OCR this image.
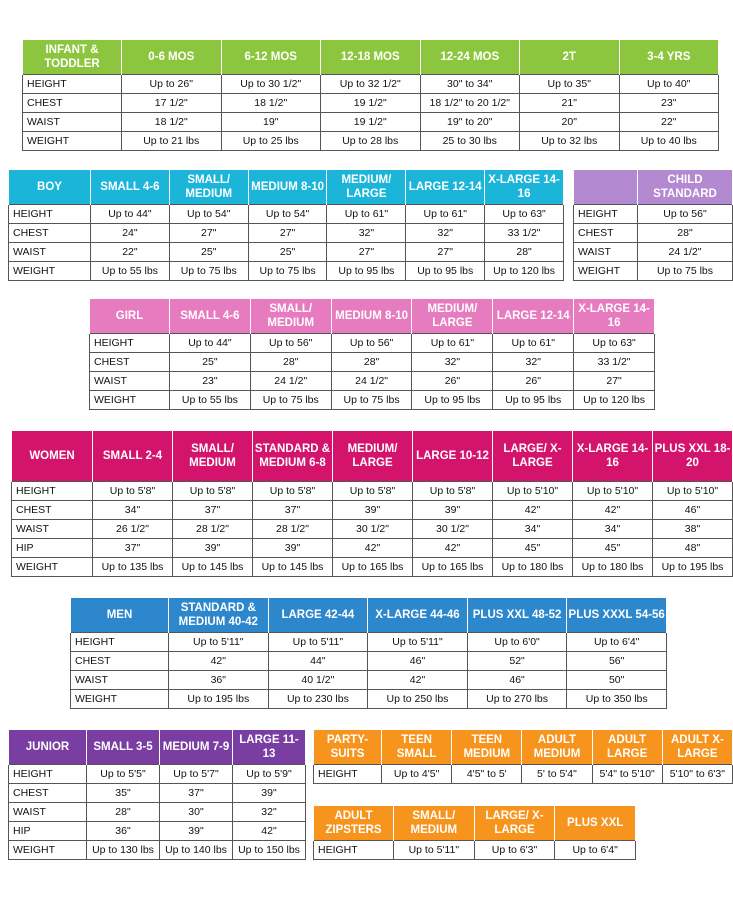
INFANT & TODDLER	0-6 MOS	6-12 MOS	12-18 MOS	12-24 MOS	2T	3-4 YRS
HEIGHT	Up to 26"	Up to 30 1/2"	Up to 32 1/2"	30" to 34"	Up to 35"	Up to 40"
CHEST	17 1/2"	18 1/2"	19 1/2"	18 1/2" to 20 1/2"	21"	23"
WAIST	18 1/2"	19"	19 1/2"	19" to 20"	20"	22"
WEIGHT	Up to 21 lbs	Up to 25 lbs	Up to 28 lbs	25 to 30 lbs	Up to 32 lbs	Up to 40 lbs
BOY	SMALL 4-6	SMALL/ MEDIUM	MEDIUM 8-10	MEDIUM/ LARGE	LARGE 12-14	X-LARGE 14-16
HEIGHT	Up to 44"	Up to 54"	Up to 54"	Up to 61"	Up to 61"	Up to 63"
CHEST	24"	27"	27"	32"	32"	33 1/2"
WAIST	22"	25"	25"	27"	27"	28"
WEIGHT	Up to 55 lbs	Up to 75 lbs	Up to 75 lbs	Up to 95 lbs	Up to 95 lbs	Up to 120 lbs
	CHILD STANDARD
HEIGHT	Up to 56"
CHEST	28"
WAIST	24 1/2"
WEIGHT	Up to 75 lbs
GIRL	SMALL 4-6	SMALL/ MEDIUM	MEDIUM 8-10	MEDIUM/ LARGE	LARGE 12-14	X-LARGE 14-16
HEIGHT	Up to 44"	Up to 56"	Up to 56"	Up to 61"	Up to 61"	Up to 63"
CHEST	25"	28"	28"	32"	32"	33 1/2"
WAIST	23"	24 1/2"	24 1/2"	26"	26"	27"
WEIGHT	Up to 55 lbs	Up to 75 lbs	Up to 75 lbs	Up to 95 lbs	Up to 95 lbs	Up to 120 lbs
WOMEN	SMALL 2-4	SMALL/ MEDIUM	STANDARD & MEDIUM 6-8	MEDIUM/ LARGE	LARGE 10-12	LARGE/ X-LARGE	X-LARGE 14-16	PLUS XXL 18-20
HEIGHT	Up to 5'8"	Up to 5'8"	Up to 5'8"	Up to 5'8"	Up to 5'8"	Up to 5'10"	Up to 5'10"	Up to 5'10"
CHEST	34"	37"	37"	39"	39"	42"	42"	46"
WAIST	26 1/2"	28 1/2"	28 1/2"	30 1/2"	30 1/2"	34"	34"	38"
HIP	37"	39"	39"	42"	42"	45"	45"	48"
WEIGHT	Up to 135 lbs	Up to 145 lbs	Up to 145 lbs	Up to 165 lbs	Up to 165 lbs	Up to 180 lbs	Up to 180 lbs	Up to 195 lbs
MEN	STANDARD & MEDIUM 40-42	LARGE 42-44	X-LARGE 44-46	PLUS XXL 48-52	PLUS XXXL 54-56
HEIGHT	Up to 5'11"	Up to 5'11"	Up to 5'11"	Up to 6'0"	Up to 6'4"
CHEST	42"	44"	46"	52"	56"
WAIST	36"	40 1/2"	42"	46"	50"
WEIGHT	Up to 195 lbs	Up to 230 lbs	Up to 250 lbs	Up to 270 lbs	Up to 350 lbs
JUNIOR	SMALL 3-5	MEDIUM 7-9	LARGE 11-13
HEIGHT	Up to 5'5"	Up to 5'7"	Up to 5'9"
CHEST	35"	37"	39"
WAIST	28"	30"	32"
HIP	36"	39"	42"
WEIGHT	Up to 130 lbs	Up to 140 lbs	Up to 150 lbs
PARTY-SUITS	TEEN SMALL	TEEN MEDIUM	ADULT MEDIUM	ADULT LARGE	ADULT X-LARGE
HEIGHT	Up to 4'5"	4'5" to 5'	5' to 5'4"	5'4" to 5'10"	5'10" to 6'3"
ADULT ZIPSTERS	SMALL/ MEDIUM	LARGE/ X-LARGE	PLUS XXL
HEIGHT	Up to 5'11"	Up to 6'3"	Up to 6'4"
